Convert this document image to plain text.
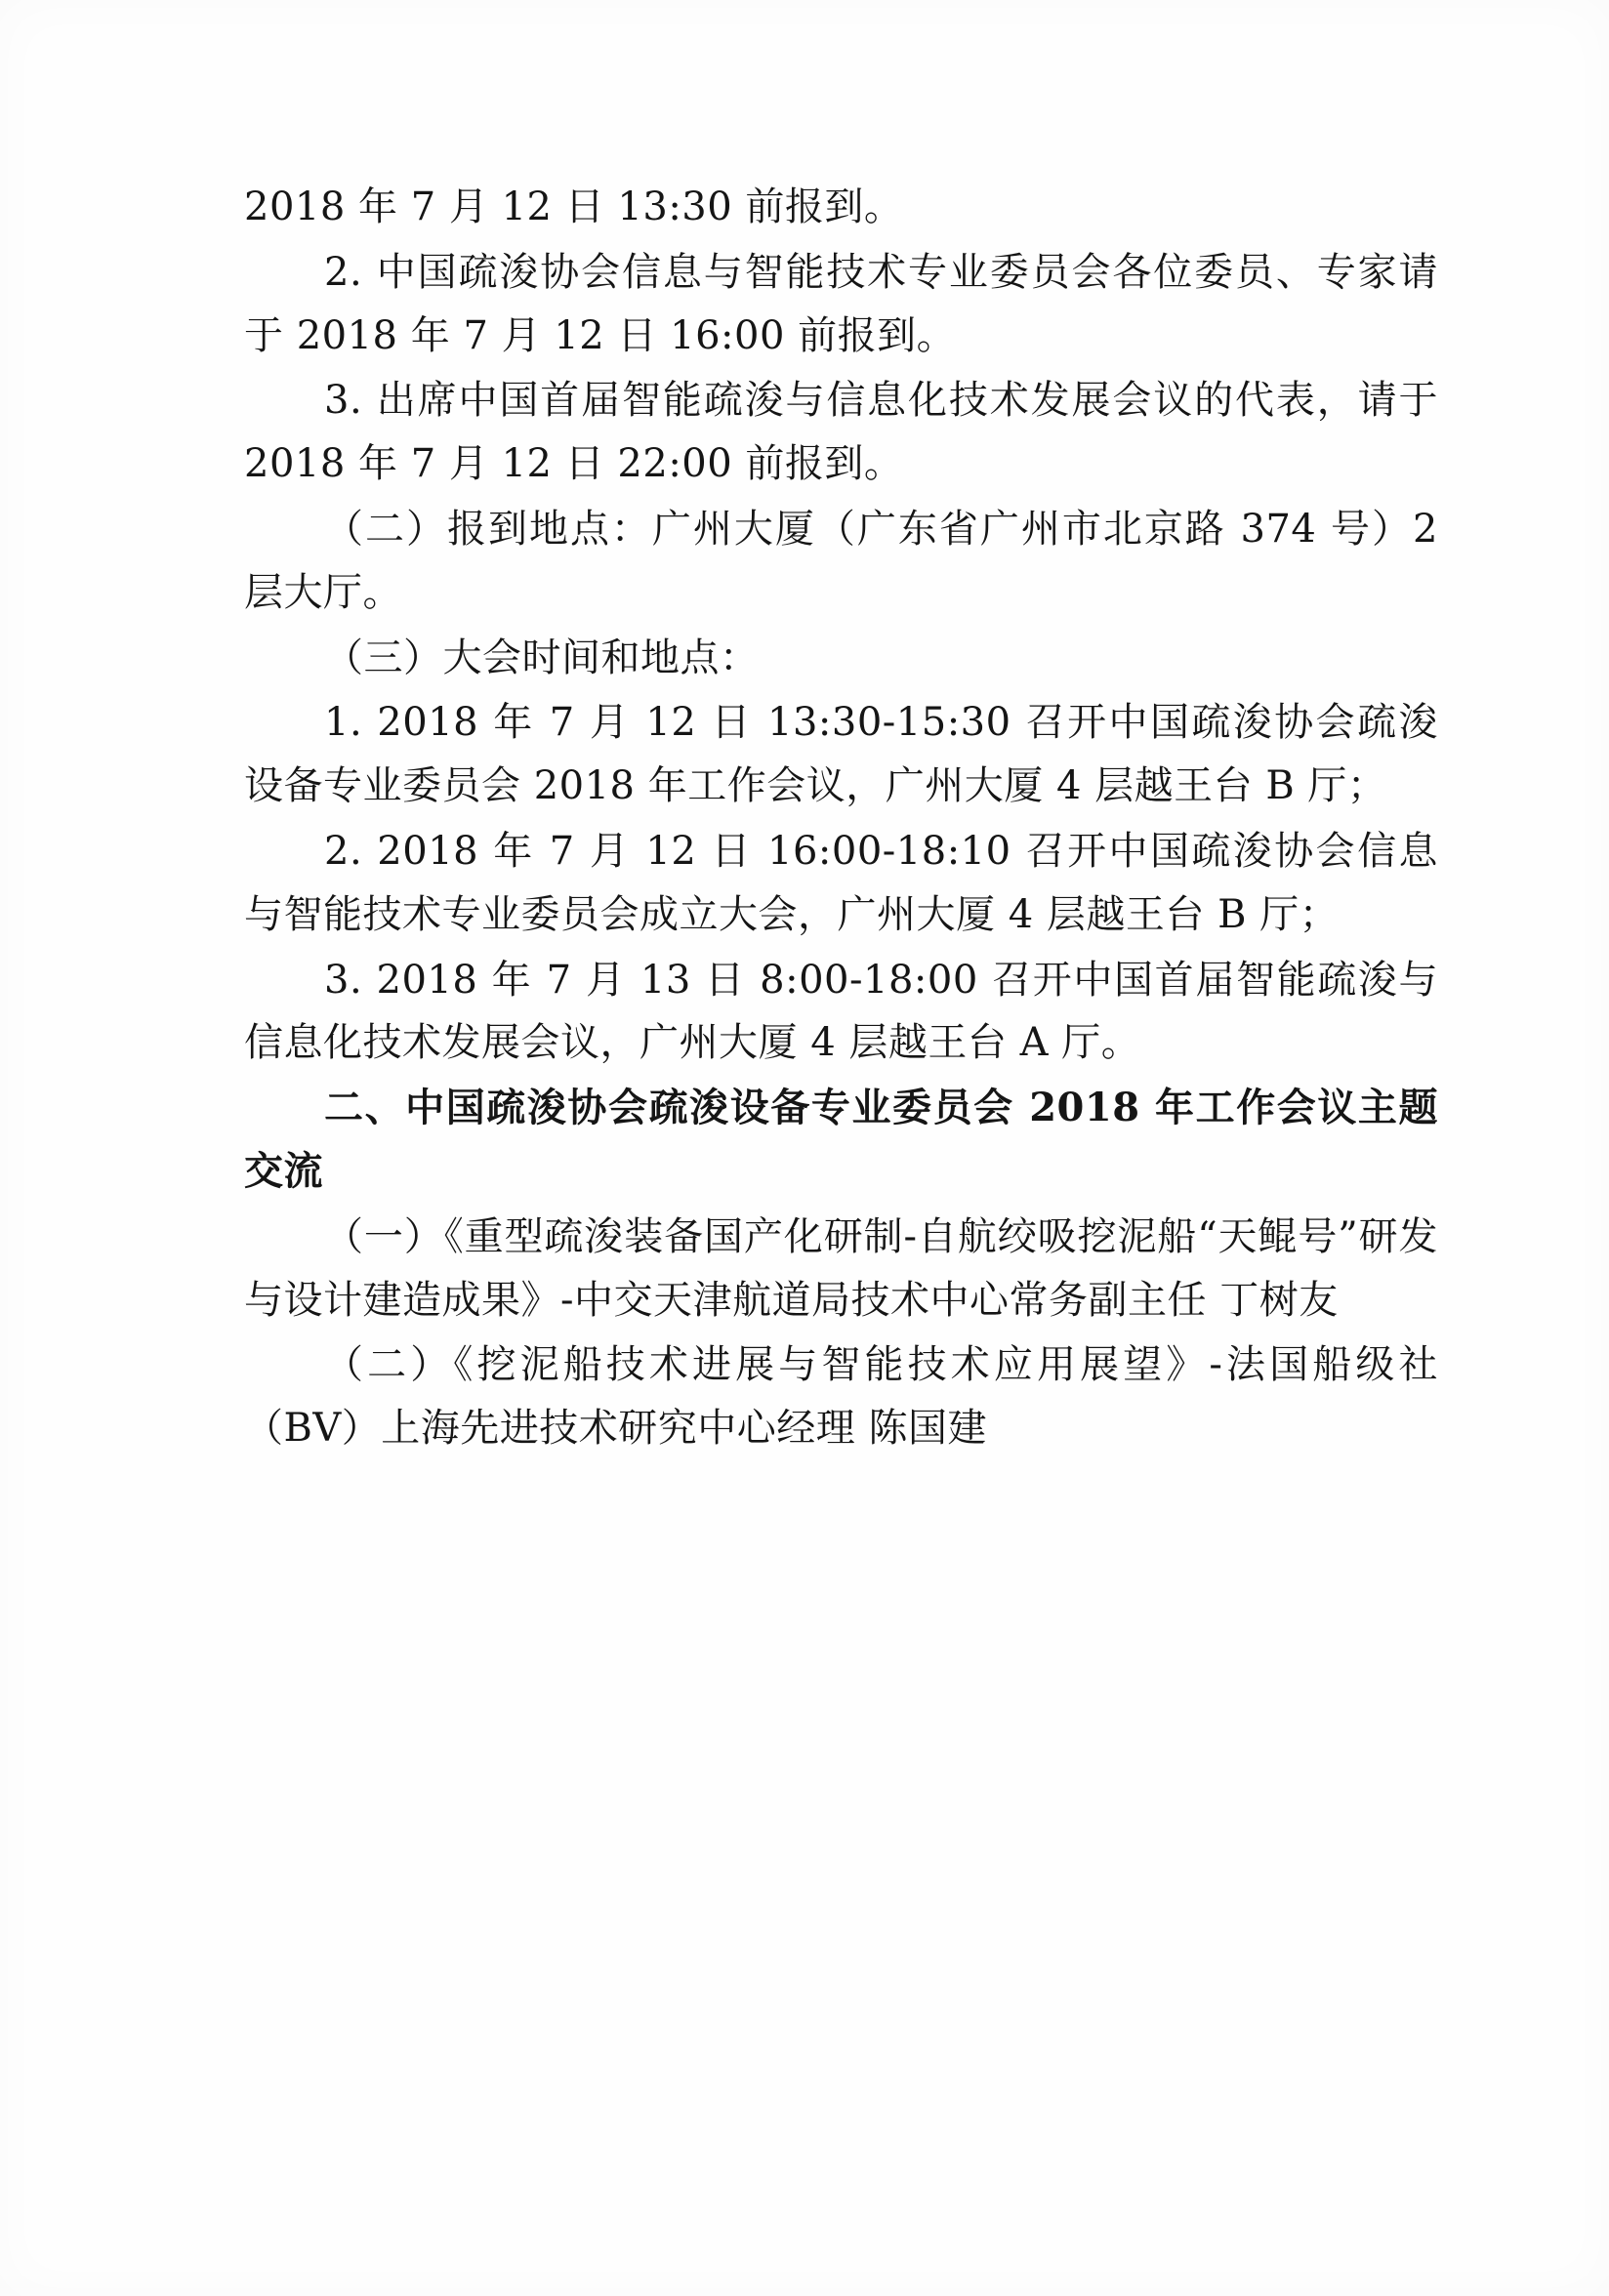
2018 年 7 月 12 日 13:30 前报到。

2. 中国疏浚协会信息与智能技术专业委员会各位委员、专家请于 2018 年 7 月 12 日 16:00 前报到。

3. 出席中国首届智能疏浚与信息化技术发展会议的代表，请于 2018 年 7 月 12 日 22:00 前报到。

（二）报到地点：广州大厦（广东省广州市北京路 374 号）2 层大厅。

（三）大会时间和地点：

1. 2018 年 7 月 12 日 13:30-15:30 召开中国疏浚协会疏浚设备专业委员会 2018 年工作会议，广州大厦 4 层越王台 B 厅；

2. 2018 年 7 月 12 日 16:00-18:10 召开中国疏浚协会信息与智能技术专业委员会成立大会，广州大厦 4 层越王台 B 厅；

3. 2018 年 7 月 13 日 8:00-18:00 召开中国首届智能疏浚与信息化技术发展会议，广州大厦 4 层越王台 A 厅。

二、中国疏浚协会疏浚设备专业委员会 2018 年工作会议主题交流

（一）《重型疏浚装备国产化研制-自航绞吸挖泥船“天鲲号”研发与设计建造成果》-中交天津航道局技术中心常务副主任 丁树友

（二）《挖泥船技术进展与智能技术应用展望》-法国船级社（BV）上海先进技术研究中心经理 陈国建
